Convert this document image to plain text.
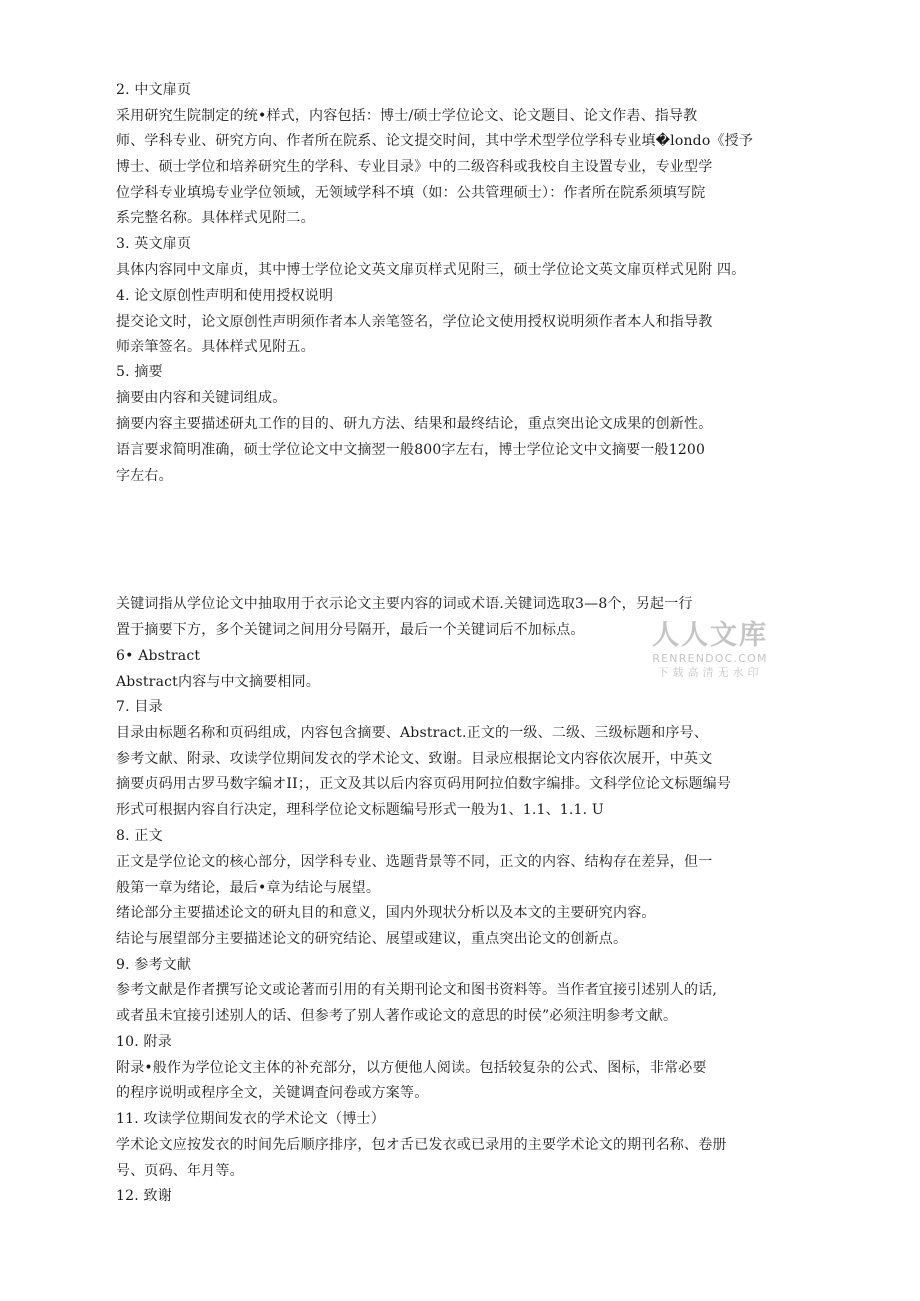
2. 中文扉页
采用研究生院制定的统•样式，内容包括：博士/硕士学位论文、论文题目、论文作砉、指导教
师、学科专业、研究方向、作者所在院系、论文提交时间，其中学术型学位学科专业填�londo《授予
博士、硕士学位和培养研究生的学科、专业目录》中的二级咨科或我校自主设置专业，专业型学
位学科专业填塢专业学位领域，无领域学科不填（如：公共管理硕士）：作者所在院系须填写院
系完整名称。具体样式见附二。
3. 英文扉页
具体内容同中文扉贞，其中博士学位论文英文扉页样式见附三，硕士学位论文英文扉页样式见附 四。
4. 论文原创性声明和使用授权说明
提交论文时，论文原创性声明须作者本人亲笔签名，学位论文使用授权说明须作者本人和指导教
师亲筆签名。具体样式见附五。
5. 摘要
摘要由内容和关键词组成。
摘要内容主要描述研丸工作的目的、研九方法、结果和最终结论，重点突出论文成果的创新性。
语言要求简明准确，硕士学位论文中文摘翌一般800字左右，博士学位论文中文摘要一般1200
字左右。
关键词指从学位论文中抽取用于衣示论文主要内容的词或术语.关键词选取3—8个，另起一行
置于摘要下方，多个关键词之间用分号隔开，最后一个关键词后不加标点。
6• Abstract
Abstract内容与中文摘要相同。
7. 目录
目录由标题名称和页码组成，内容包含摘要、Abstract.正文的一级、二级、三级标题和序号、
参考文献、附录、攻读学位期间发衣的学术论文、致谢。目录应根据论文内容依次展开，中英文
摘要贞码用古罗马数字编オII；，正文及其以后内容页码用阿拉伯数字编排。文科学位论文标题编号
形式可根据内容自行决定，理科学位论文标题编号形式一般为1、1.1、1.1. U
8. 正文
正文是学位论文的核心部分，因学科专业、选题背景等不同，正文的内容、结构存在差异，但一
般第一章为绪论，最后•章为结论与展望。
绪论部分主要描述论文的研丸目的和意义，国内外现状分析以及本文的主要研究内容。
结论与展望部分主要描述论文的研究结论、展望或建议，重点突出论文的创新点。
9. 参考文献
参考文献是作者撰写论文或论著而引用的有关期刊论文和图书资料等。当作者宜接引述别人的话,
或者虽未宜接引述别人的话、但参考了别人著作或论文的意思的时侯”必须注明参考文献。
10. 附录
附录•般作为学位论文主体的补充部分，以方便他人阅读。包括较复杂的公式、图标，非常必要
的程序说明或程序全文，关键调査问卷或方案等。
11. 攻读学位期间发衣的学术论文（博士）
学术论文应按发衣的时间先后顺序排序，包オ舌已发衣或已录用的主要学术论文的期刊名称、卷册
号、页码、年月等。
12. 致谢
人人文库
RENRENDOC.COM
下载高清无水印
